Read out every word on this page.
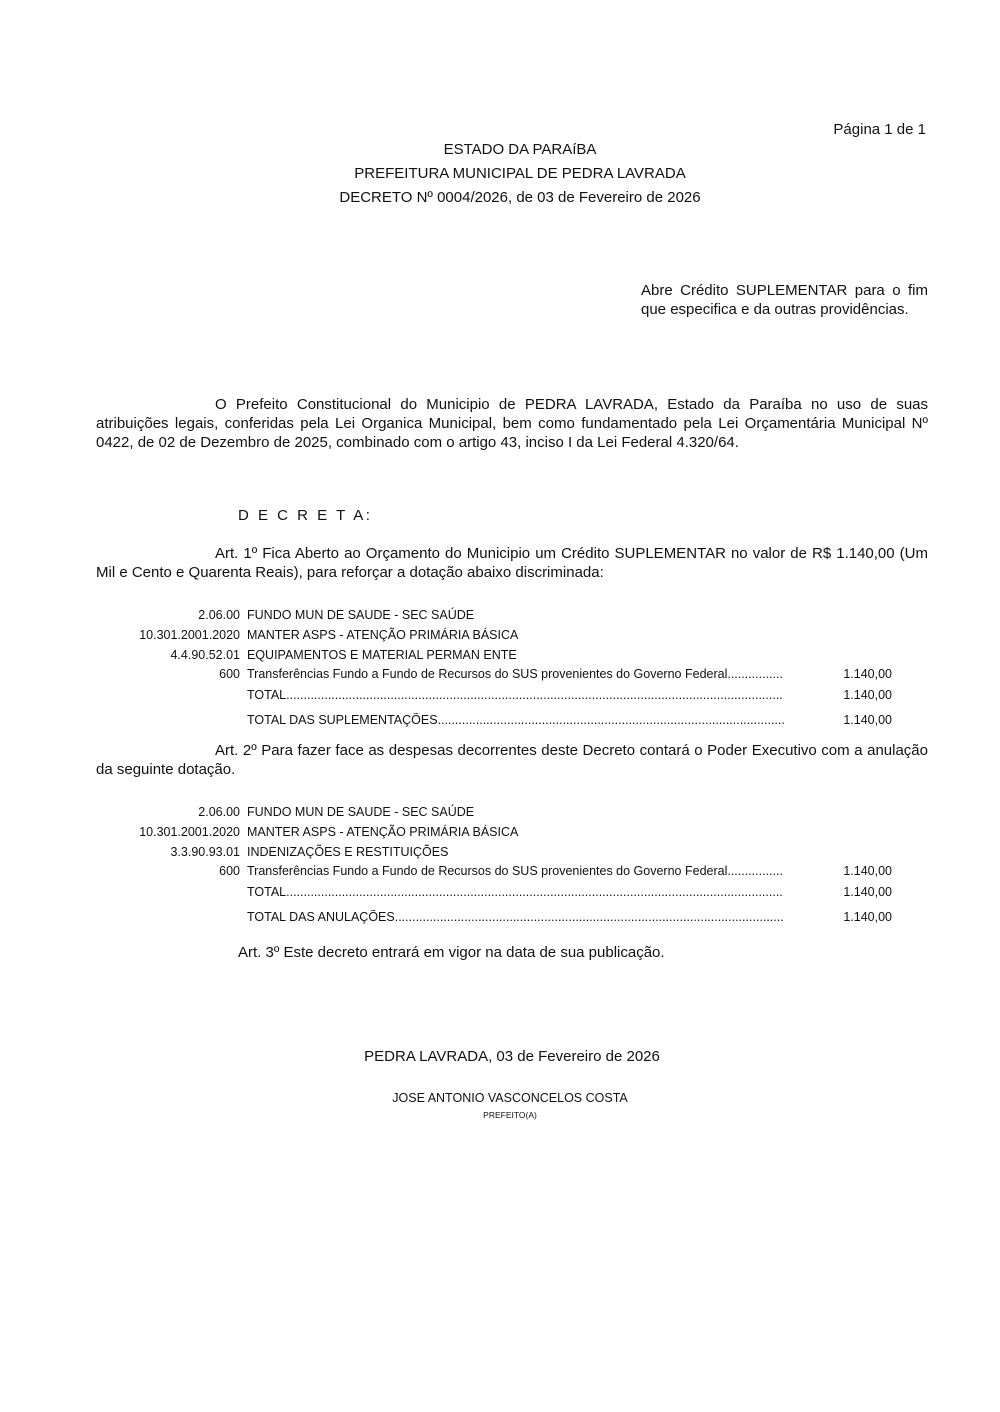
Página 1 de 1
ESTADO DA PARAíBA
PREFEITURA MUNICIPAL DE PEDRA LAVRADA
DECRETO Nº 0004/2026, de 03 de Fevereiro de 2026
Abre Crédito SUPLEMENTAR para o fim que especifica e da outras providências.
O Prefeito Constitucional do Municipio de PEDRA LAVRADA, Estado da Paraíba no uso de suas atribuições legais, conferidas pela Lei Organica Municipal, bem como fundamentado pela Lei Orçamentária Municipal Nº 0422, de 02 de Dezembro de 2025, combinado com o artigo 43, inciso I da Lei Federal 4.320/64.
D E C R E T A:
Art. 1º Fica Aberto ao Orçamento do Municipio um Crédito SUPLEMENTAR no valor de R$ 1.140,00 (Um Mil e Cento e Quarenta Reais), para reforçar a dotação abaixo discriminada:
2.06.00 FUNDO MUN DE SAUDE - SEC SAÚDE
10.301.2001.2020 MANTER ASPS - ATENÇÃO PRIMÁRIA BÁSICA
4.4.90.52.01 EQUIPAMENTOS E MATERIAL PERMAN ENTE
600 Transferências Fundo a Fundo de Recursos do SUS provenientes do Governo Federal .....	1.140,00
TOTAL .....	1.140,00
TOTAL DAS SUPLEMENTAÇÕES .....	1.140,00
Art. 2º Para fazer face as despesas decorrentes deste Decreto contará o Poder Executivo com a anulação da seguinte dotação.
2.06.00 FUNDO MUN DE SAUDE - SEC SAÚDE
10.301.2001.2020 MANTER ASPS - ATENÇÃO PRIMÁRIA BÁSICA
3.3.90.93.01 INDENIZAÇÕES E RESTITUIÇÕES
600 Transferências Fundo a Fundo de Recursos do SUS provenientes do Governo Federal .....	1.140,00
TOTAL .....	1.140,00
TOTAL DAS ANULAÇÕES .....	1.140,00
Art. 3º Este decreto entrará em vigor na data de sua publicação.
PEDRA LAVRADA, 03 de Fevereiro de 2026
JOSE ANTONIO VASCONCELOS COSTA
PREFEITO(A)
